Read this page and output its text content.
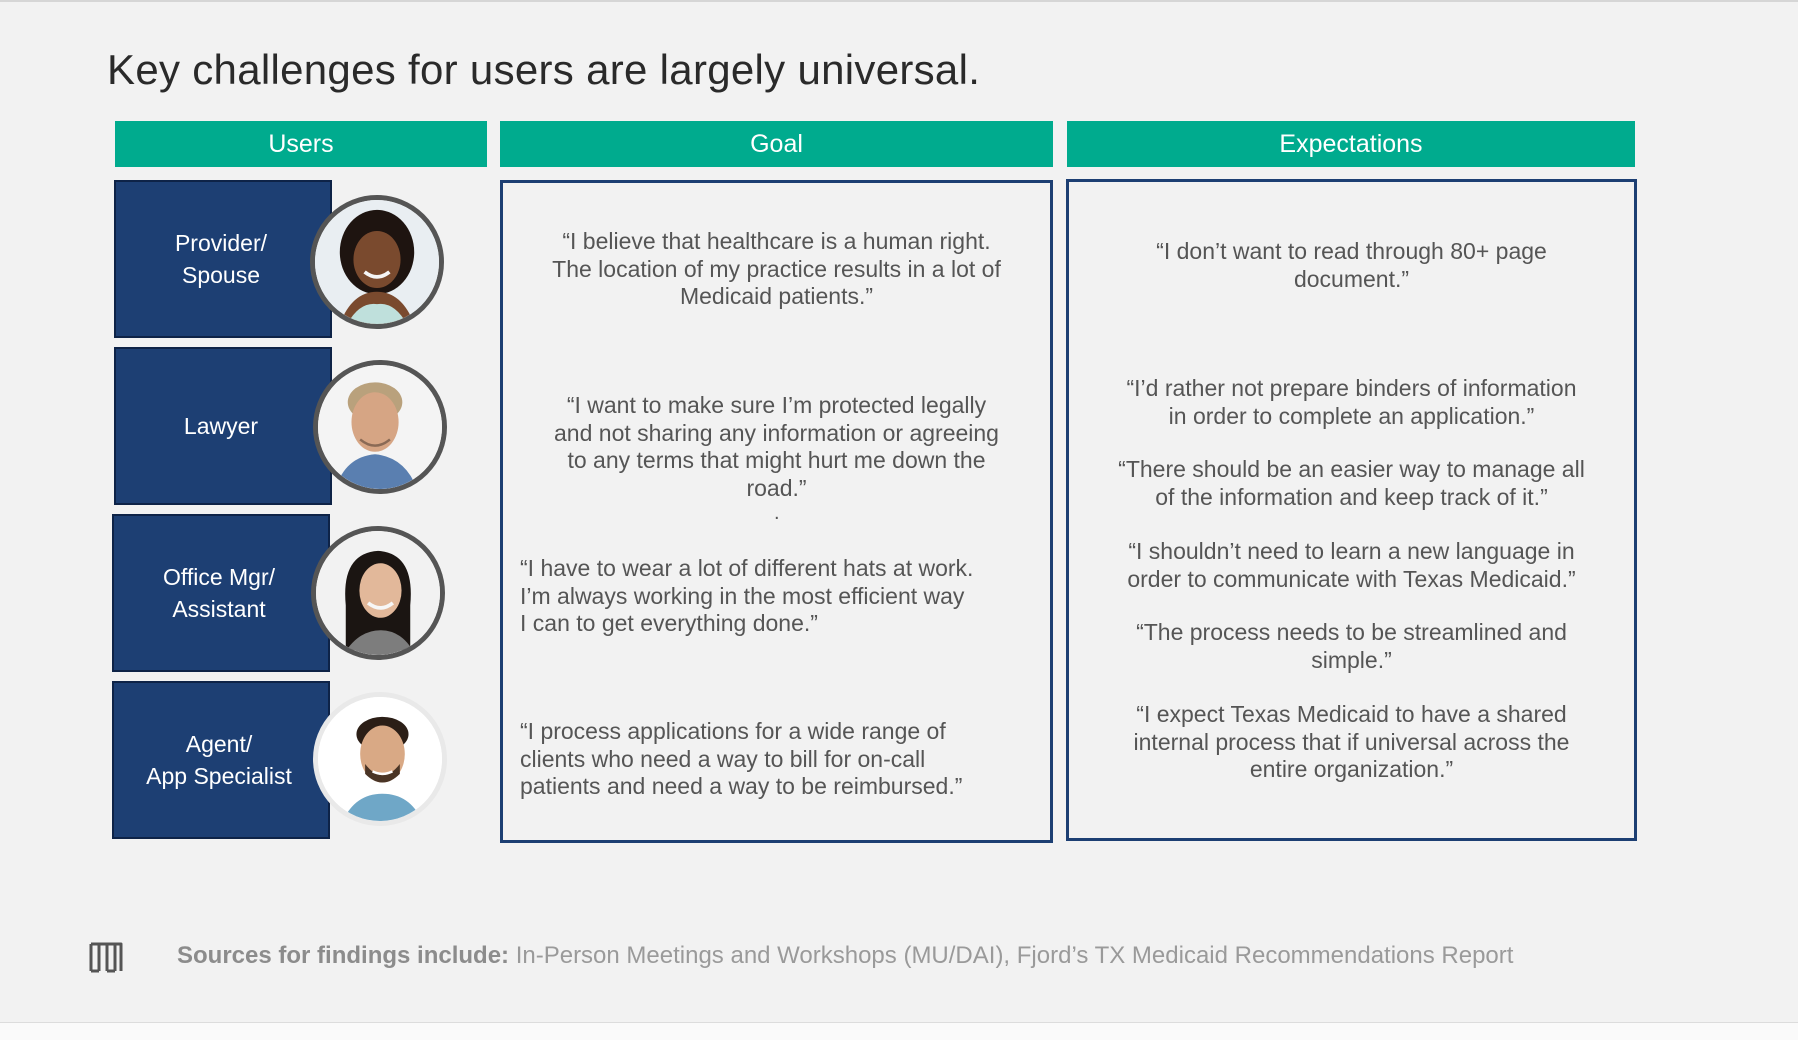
Key challenges for users are largely universal.
Users	Goal	Expectations
Provider/
Spouse
Lawyer
Office Mgr/
Assistant
Agent/
App Specialist
“I believe that healthcare is a human right.
The location of my practice results in a lot of
Medicaid patients.”
“I want to make sure I’m protected legally
and not sharing any information or agreeing
to any terms that might hurt me down the
road.”
.
“I have to wear a lot of different hats at work.
I’m always working in the most efficient way
I can to get everything done.”
“I process applications for a wide range of
clients who need a way to bill for on-call
patients and need a way to be reimbursed.”
“I don’t want to read through 80+ page
document.”
“I’d rather not prepare binders of information
in order to complete an application.”
“There should be an easier way to manage all
of the information and keep track of it.”
“I shouldn’t need to learn a new language in
order to communicate with Texas Medicaid.”
“The process needs to be streamlined and
simple.”
“I expect Texas Medicaid to have a shared
internal process that if universal across the
entire organization.”
Sources for findings include: In-Person Meetings and Workshops (MU/DAI), Fjord’s TX Medicaid Recommendations Report
